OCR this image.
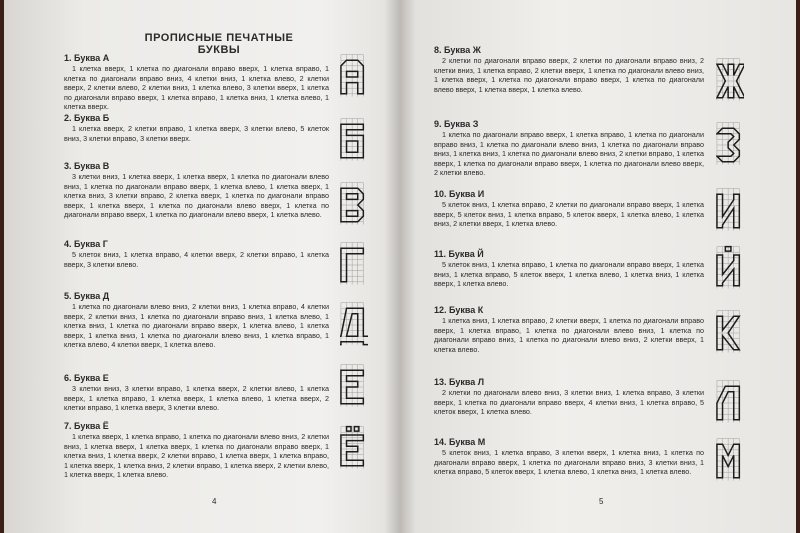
ПРОПИСНЫЕ ПЕЧАТНЫЕ БУКВЫ
1. Буква А
1 клетка вверх, 1 клетка по диагонали вправо вверх, 1 клетка вправо, 1 клетка по диагонали вправо вниз, 4 клетки вниз, 1 клетка влево, 2 клетки вверх, 2 клетки влево, 2 клетки вниз, 1 клетка влево, 3 клетки вверх, 1 клетка по диагонали вправо вверх, 1 клетка вправо, 1 клетка вниз, 1 клетка влево, 1 клетка вверх.
2. Буква Б
1 клетка вверх, 2 клетки вправо, 1 клетка вверх, 3 клетки влево, 5 клеток вниз, 3 клетки вправо, 3 клетки вверх.
3. Буква В
3 клетки вниз, 1 клетка вверх, 1 клетка вверх, 1 клетка по диагонали влево вниз, 1 клетка по диагонали вправо вверх, 1 клетка влево, 1 клетка вверх, 1 клетка вниз, 3 клетки вправо, 2 клетка вверх, 1 клетка по диагонали вправо вверх, 1 клетка вверх, 1 клетка по диагонали влево вверх, 1 клетка по диагонали вправо вверх, 1 клетка по диагонали влево вверх, 1 клетка влево.
4. Буква Г
5 клеток вниз, 1 клетка вправо, 4 клетки вверх, 2 клетки вправо, 1 клетка вверх, 3 клетки влево.
5. Буква Д
1 клетка по диагонали влево вниз, 2 клетки вниз, 1 клетка вправо, 4 клетки вверх, 2 клетки вниз, 1 клетка по диагонали вправо вниз, 1 клетка влево, 1 клетка вниз, 1 клетка по диагонали вправо вверх, 1 клетка влево, 1 клетка вверх, 1 клетка вниз, 1 клетка по диагонали влево вниз, 1 клетка вправо, 1 клетка влево, 4 клетки вверх, 1 клетка влево.
6. Буква Е
3 клетки вниз, 3 клетки вправо, 1 клетка вверх, 2 клетки влево, 1 клетка вверх, 1 клетка вправо, 1 клетка вверх, 1 клетка влево, 1 клетка вверх, 2 клетки вправо, 1 клетка вверх, 3 клетки влево.
7. Буква Ё
1 клетка вверх, 1 клетка вправо, 1 клетка по диагонали влево вниз, 2 клетки вниз, 1 клетка вверх, 1 клетка вверх, 1 клетка по диагонали вправо вверх, 1 клетка вниз, 1 клетка вверх, 2 клетки вправо, 1 клетка вверх, 1 клетка вправо, 1 клетка вверх, 1 клетка вниз, 2 клетки вправо, 1 клетка вверх, 2 клетки влево, 1 клетка вверх, 1 клетка влево.
4
8. Буква Ж
2 клетки по диагонали вправо вверх, 2 клетки по диагонали вправо вниз, 2 клетки вниз, 1 клетка вправо, 2 клетки вверх, 1 клетка по диагонали влево вниз, 1 клетка вверх, 1 клетка по диагонали вправо вверх, 1 клетка по диагонали влево вверх, 1 клетка вверх, 1 клетка влево.
9. Буква З
1 клетка по диагонали вправо вверх, 1 клетка вправо, 1 клетка по диагонали вправо вниз, 1 клетка по диагонали влево вниз, 1 клетка по диагонали вправо вниз, 1 клетка вниз, 1 клетка по диагонали влево вниз, 2 клетки вправо, 1 клетка вверх, 1 клетка по диагонали вправо вверх, 1 клетка по диагонали влево вверх, 2 клетки влево.
10. Буква И
5 клеток вниз, 1 клетка вправо, 2 клетки по диагонали вправо вверх, 1 клетка вверх, 5 клеток вниз, 1 клетка вправо, 5 клеток вверх, 1 клетка влево, 1 клетка вниз, 2 клетки вверх, 1 клетка влево.
11. Буква Й
5 клеток вниз, 1 клетка вправо, 1 клетка по диагонали вправо вверх, 1 клетка вниз, 1 клетка вправо, 5 клеток вверх, 1 клетка влево, 1 клетка вниз, 1 клетка вверх, 1 клетка влево.
12. Буква К
1 клетка вниз, 1 клетка вправо, 2 клетки вверх, 1 клетка по диагонали вправо вверх, 1 клетка вправо, 1 клетка по диагонали влево вниз, 1 клетка по диагонали вправо вниз, 1 клетка по диагонали влево вниз, 2 клетки вверх, 1 клетка влево.
13. Буква Л
2 клетки по диагонали влево вниз, 3 клетки вниз, 1 клетка вправо, 3 клетки вверх, 1 клетка по диагонали вправо вверх, 4 клетки вниз, 1 клетка вправо, 5 клеток вверх, 1 клетка влево.
14. Буква М
5 клеток вниз, 1 клетка вправо, 3 клетки вверх, 1 клетка вниз, 1 клетка по диагонали вправо вверх, 1 клетка по диагонали вправо вниз, 3 клетки вниз, 1 клетка вправо, 5 клеток вверх, 1 клетка влево, 1 клетка вниз, 1 клетка влево.
5
